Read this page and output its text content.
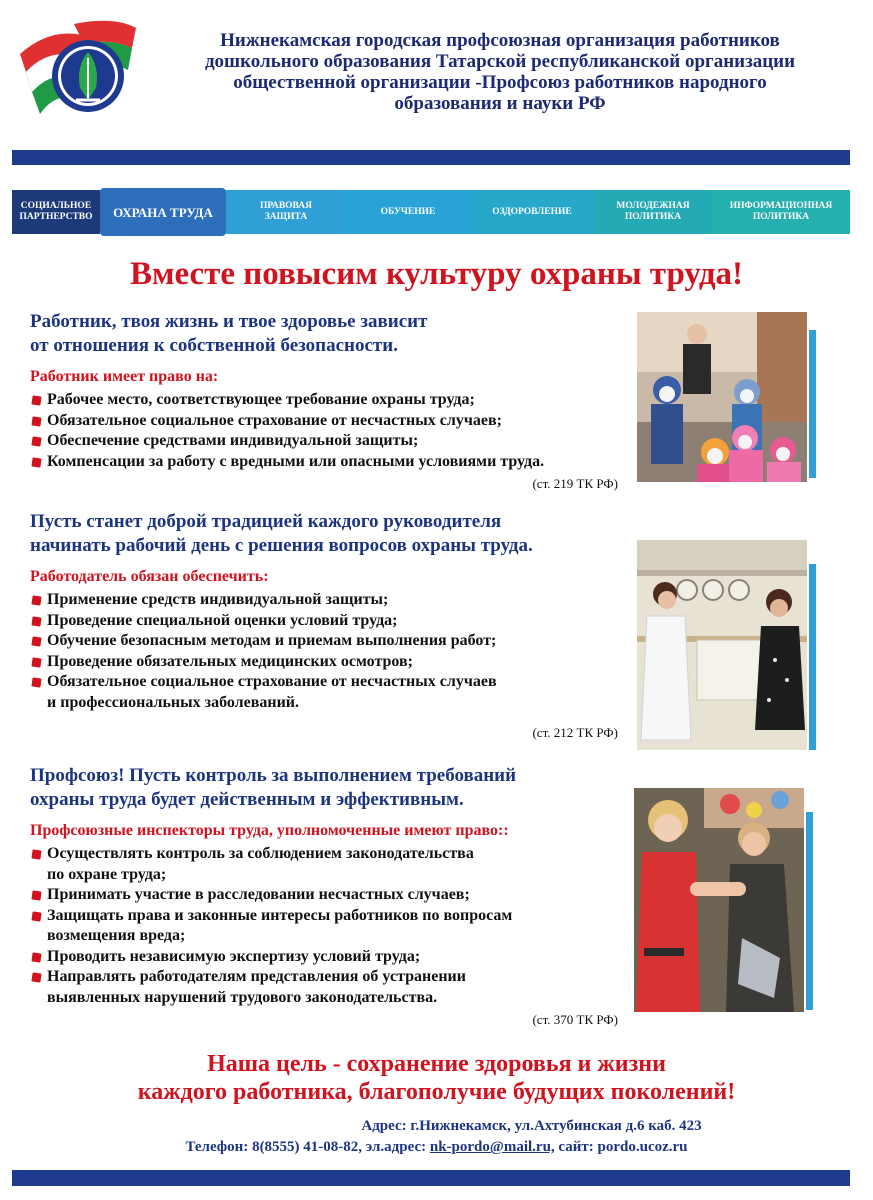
Нижнекамская городская профсоюзная организация работников
дошкольного образования Татарской республиканской организации
общественной организации -Профсоюз работников народного
образования и науки РФ
СОЦИАЛЬНОЕ
ПАРТНЕРСТВО ОХРАНА ТРУДА	ПРАВОВАЯ
ЗАЩИТА
ОБУЧЕНИЕ	ОЗДОРОВЛЕНИЕ
МОЛОДЕЖНАЯ
ПОЛИТИКА
ИНФОРМАЦИОННАЯ
ПОЛИТИКА
Вместе повысим культуру охраны труда!
Работник, твоя жизнь и твое здоровье зависит
от отношения к собственной безопасности.
Работник имеет право на:
Рабочее место, соответствующее требование охраны труда;
Обязательное социальное страхование от несчастных случаев;
Обеспечение средствами индивидуальной защиты;
Компенсации за работу с вредными или опасными условиями труда.
(ст. 219 ТК РФ)
Пусть станет доброй традицией каждого руководителя
начинать рабочий день с решения вопросов охраны труда.
Работодатель обязан обеспечить:
Применение средств индивидуальной защиты;
Проведение специальной оценки условий труда;
Обучение безопасным методам и приемам выполнения работ;
Проведение обязательных медицинских осмотров;
Обязательное социальное страхование от несчастных случаев
и профессиональных заболеваний.
(ст. 212 ТК РФ)
Профсоюз! Пусть контроль за выполнением требований
охраны труда будет действенным и эффективным.
Профсоюзные инспекторы труда, уполномоченные имеют право::
Осуществлять контроль за соблюдением законодательства
по охране труда;
Принимать участие в расследовании несчастных случаев;
Защищать права и законные интересы работников по вопросам
возмещения вреда;
Проводить независимую экспертизу условий труда;
Направлять работодателям представления об устранении
выявленных нарушений трудового законодательства.
(ст. 370 ТК РФ)
Наша цель - сохранение здоровья и жизни
каждого работника, благополучие будущих поколений!
Адрес: г.Нижнекамск, ул.Ахтубинская д.6 каб. 423
Телефон: 8(8555) 41-08-82, эл.адрес: nk-pordo@mail.ru, сайт: pordo.ucoz.ru
